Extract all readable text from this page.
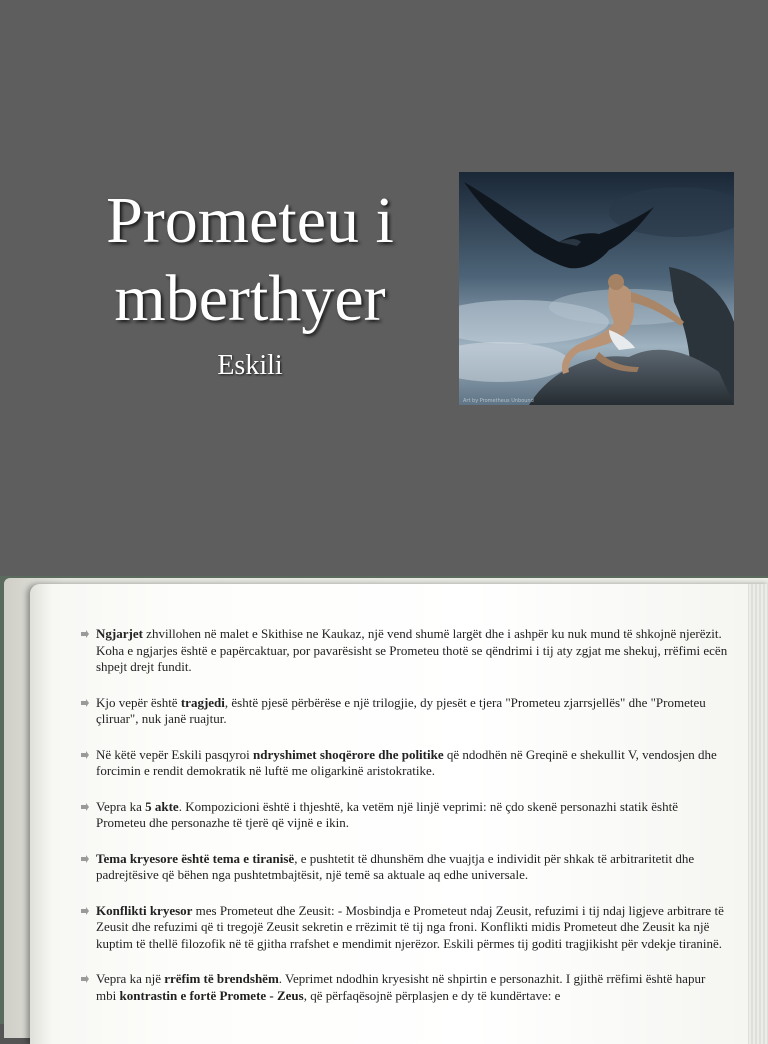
Prometeu i
mberthyer
Eskili
Art by Prometheus Unbound
Ngjarjet zhvillohen në malet e Skithise ne Kaukaz, një vend shumë largët dhe i ashpër ku nuk mund të shkojnë njerëzit. Koha e ngjarjes është e papërcaktuar, por pavarësisht se Prometeu thotë se qëndrimi i tij aty zgjat me shekuj, rrëfimi ecën shpejt drejt fundit.
Kjo vepër është tragjedi, është pjesë përbërëse e një trilogjie, dy pjesët e tjera "Prometeu zjarrsjellës" dhe "Prometeu çliruar", nuk janë ruajtur.
Në këtë vepër Eskili pasqyroi ndryshimet shoqërore dhe politike që ndodhën në Greqinë e shekullit V, vendosjen dhe forcimin e rendit demokratik në luftë me oligarkinë aristokratike.
Vepra ka 5 akte. Kompozicioni është i thjeshtë, ka vetëm një linjë veprimi: në çdo skenë personazhi statik është Prometeu dhe personazhe të tjerë që vijnë e ikin.
Tema kryesore është tema e tiranisë, e pushtetit të dhunshëm dhe vuajtja e individit për shkak të arbitraritetit dhe padrejtësive që bëhen nga pushtetmbajtësit, një temë sa aktuale aq edhe universale.
Konflikti kryesor mes Prometeut dhe Zeusit: - Mosbindja e Prometeut ndaj Zeusit, refuzimi i tij ndaj ligjeve arbitrare të Zeusit dhe refuzimi që ti tregojë Zeusit sekretin e rrëzimit të tij nga froni. Konflikti midis Prometeut dhe Zeusit ka një kuptim të thellë filozofik në të gjitha rrafshet e mendimit njerëzor. Eskili përmes tij goditi tragjikisht për vdekje tiraninë.
Vepra ka një rrëfim të brendshëm. Veprimet ndodhin kryesisht në shpirtin e personazhit. I gjithë rrëfimi është hapur mbi kontrastin e fortë Promete - Zeus, që përfaqësojnë përplasjen e dy të kundërtave: e
